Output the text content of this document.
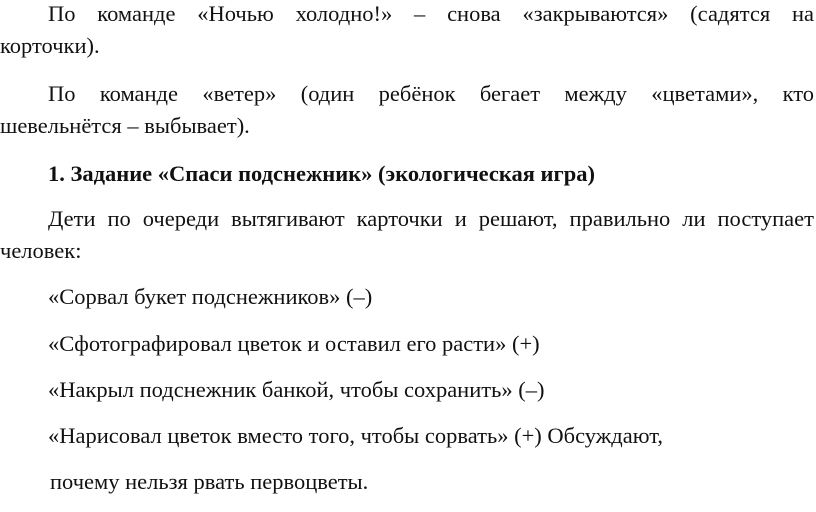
По команде «Ночью холодно!» – снова «закрываются» (садятся на
корточки).
По команде «ветер» (один ребёнок бегает между «цветами», кто
шевельнётся – выбывает).
1. Задание «Спаси подснежник» (экологическая игра)
Дети по очереди вытягивают карточки и решают, правильно ли поступает
человек:
«Сорвал букет подснежников» (–)
«Сфотографировал цветок и оставил его расти» (+)
«Накрыл подснежник банкой, чтобы сохранить» (–)
«Нарисовал цветок вместо того, чтобы сорвать» (+) Обсуждают,
почему нельзя рвать первоцветы.
